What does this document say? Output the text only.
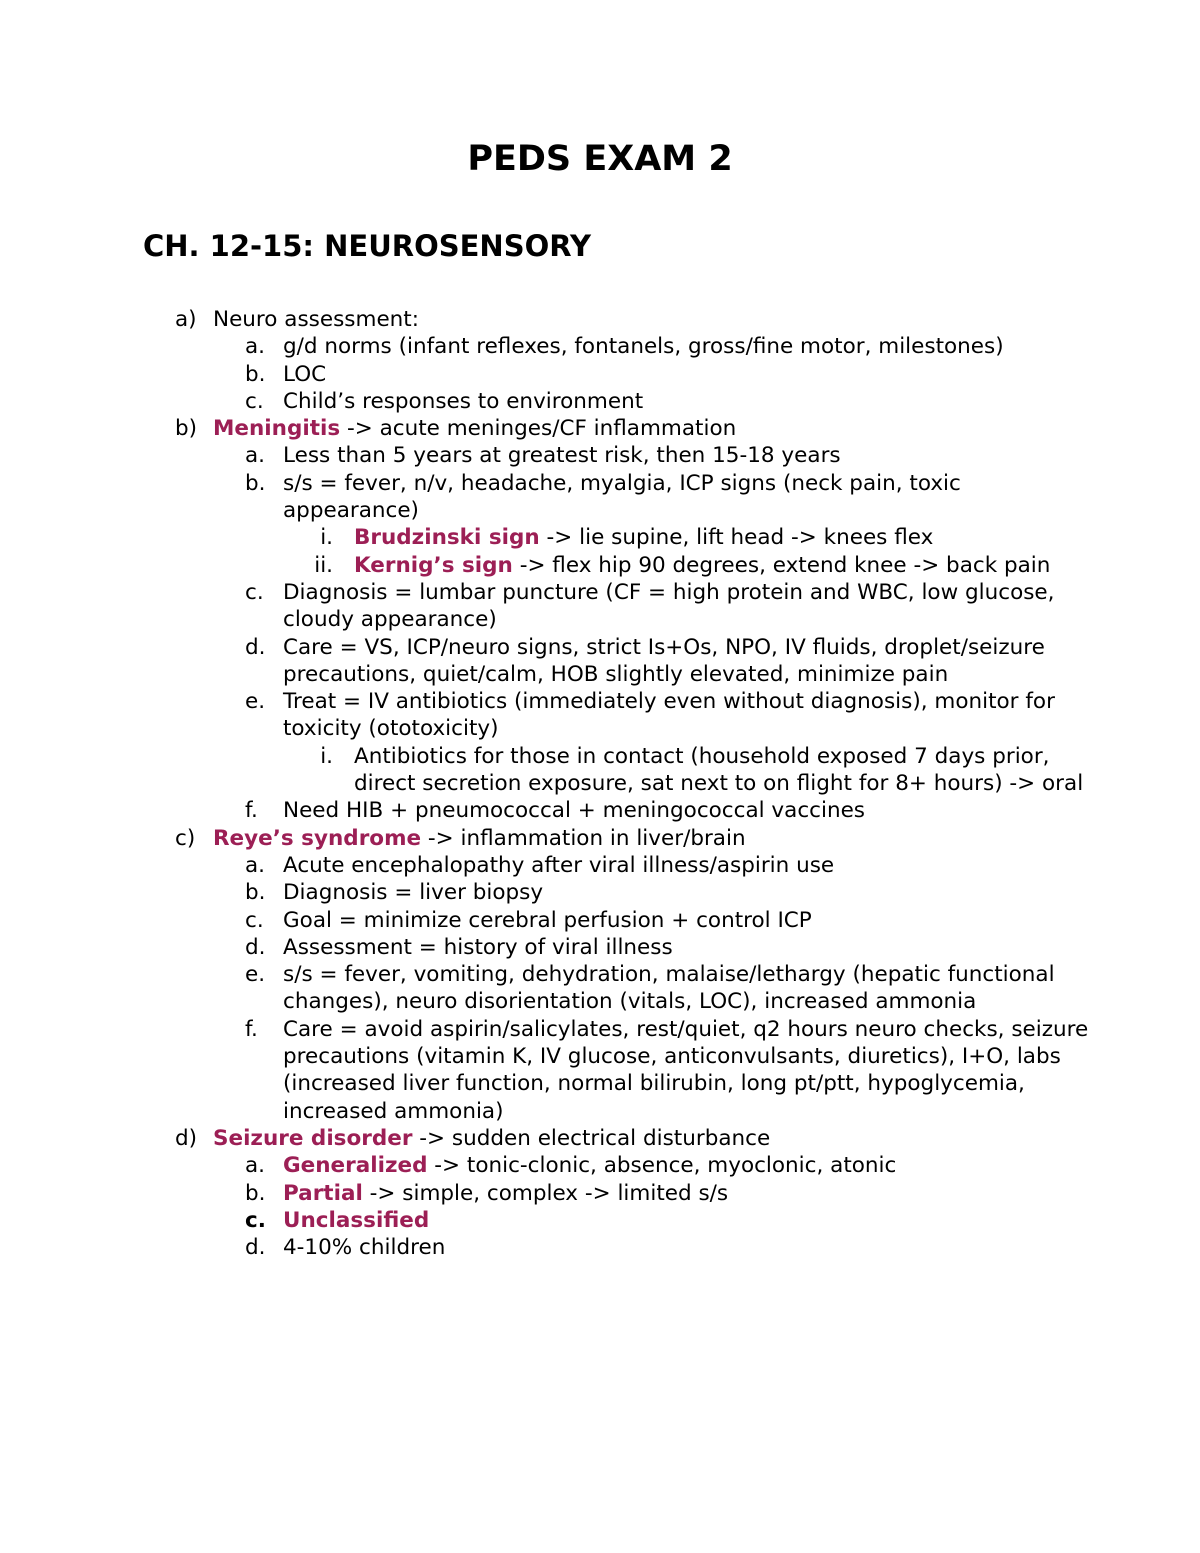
PEDS EXAM 2
CH. 12-15: NEUROSENSORY
a) Neuro assessment:
a. g/d norms (infant reflexes, fontanels, gross/fine motor, milestones)
b. LOC
c. Child’s responses to environment
b) Meningitis -> acute meninges/CF inflammation
a. Less than 5 years at greatest risk, then 15-18 years
b. s/s = fever, n/v, headache, myalgia, ICP signs (neck pain, toxic appearance)
i. Brudzinski sign -> lie supine, lift head -> knees flex
ii. Kernig’s sign -> flex hip 90 degrees, extend knee -> back pain
c. Diagnosis = lumbar puncture (CF = high protein and WBC, low glucose, cloudy appearance)
d. Care = VS, ICP/neuro signs, strict Is+Os, NPO, IV fluids, droplet/seizure precautions, quiet/calm, HOB slightly elevated, minimize pain
e. Treat = IV antibiotics (immediately even without diagnosis), monitor for toxicity (ototoxicity)
i. Antibiotics for those in contact (household exposed 7 days prior, direct secretion exposure, sat next to on flight for 8+ hours) -> oral
f. Need HIB + pneumococcal + meningococcal vaccines
c) Reye’s syndrome -> inflammation in liver/brain
a. Acute encephalopathy after viral illness/aspirin use
b. Diagnosis = liver biopsy
c. Goal = minimize cerebral perfusion + control ICP
d. Assessment = history of viral illness
e. s/s = fever, vomiting, dehydration, malaise/lethargy (hepatic functional changes), neuro disorientation (vitals, LOC), increased ammonia
f. Care = avoid aspirin/salicylates, rest/quiet, q2 hours neuro checks, seizure precautions (vitamin K, IV glucose, anticonvulsants, diuretics), I+O, labs (increased liver function, normal bilirubin, long pt/ptt, hypoglycemia, increased ammonia)
d) Seizure disorder -> sudden electrical disturbance
a. Generalized -> tonic-clonic, absence, myoclonic, atonic
b. Partial -> simple, complex -> limited s/s
c. Unclassified
d. 4-10% children
